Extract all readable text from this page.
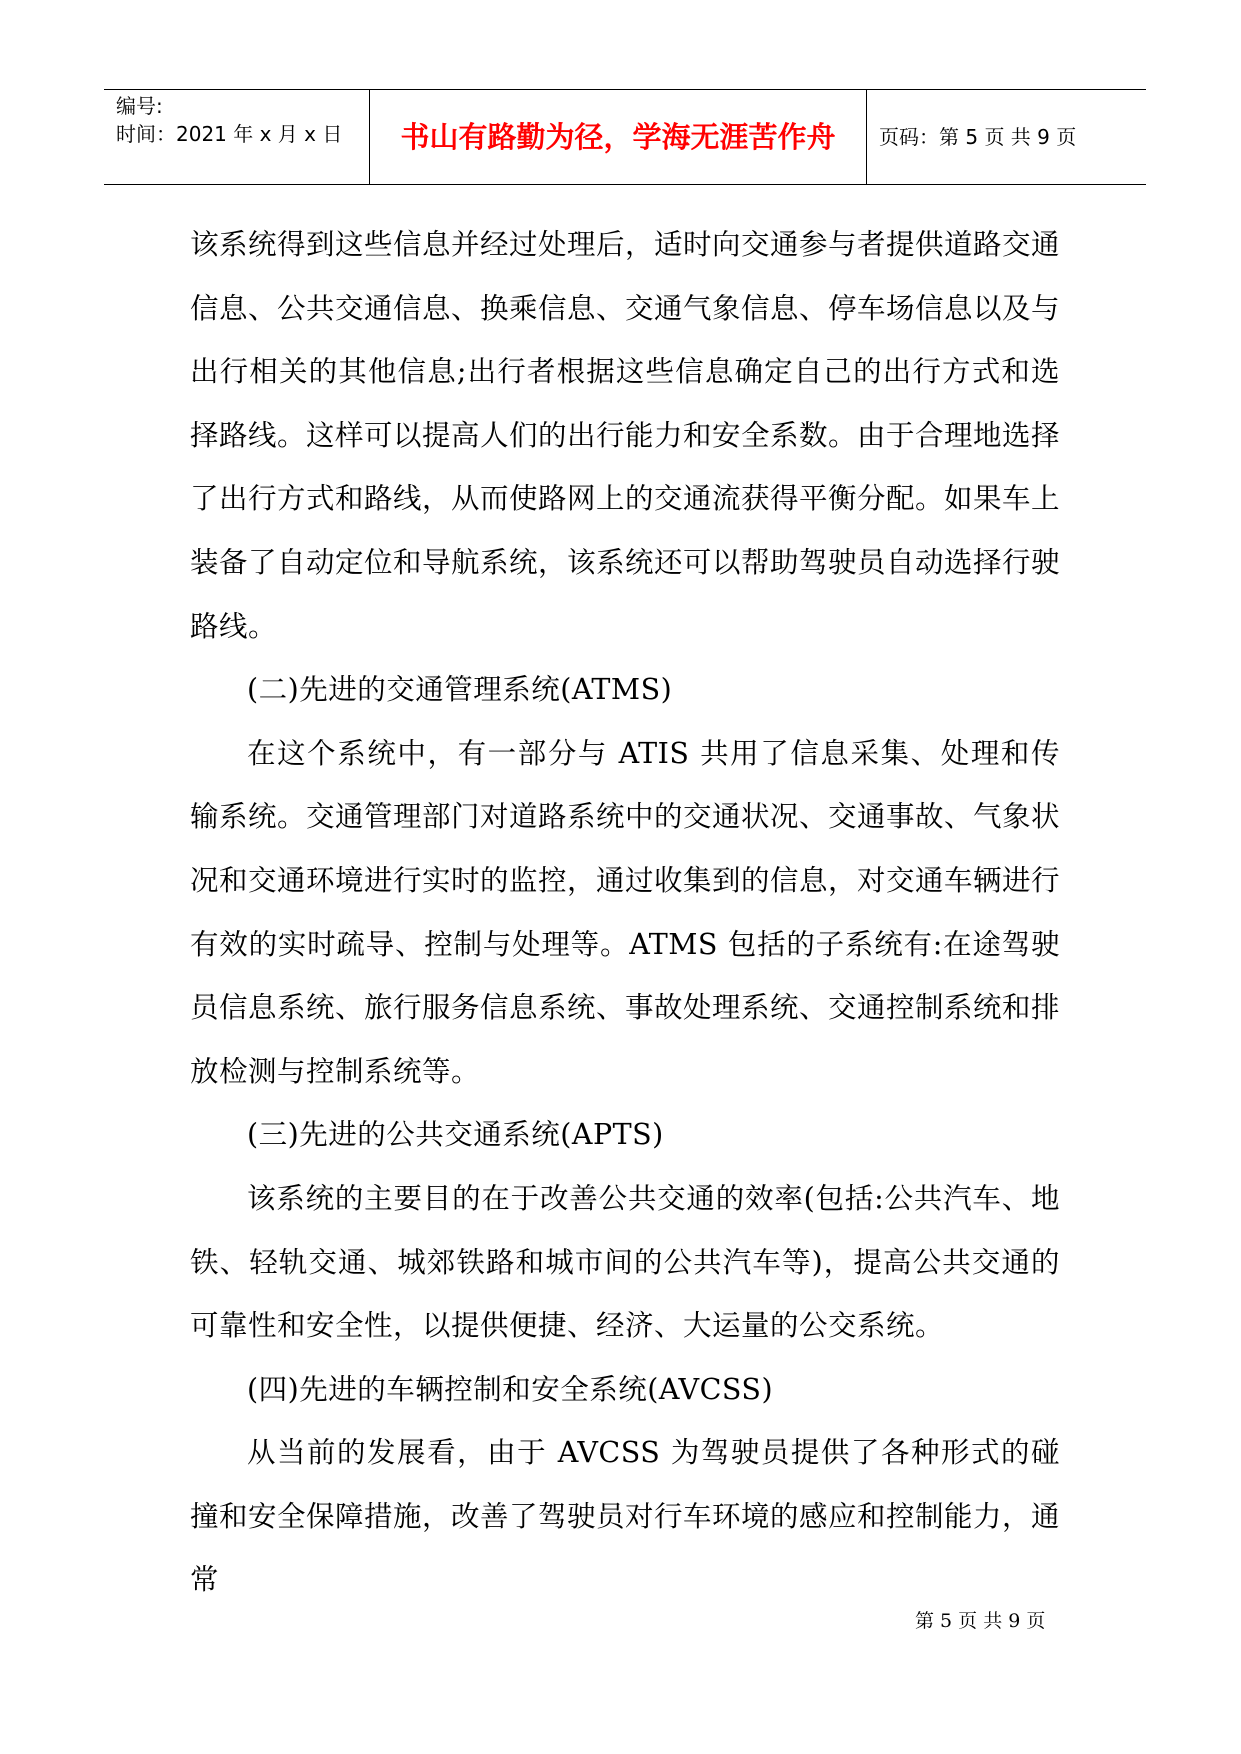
编号:
时间：2021 年 x 月 x 日	书山有路勤为径，学海无涯苦作舟	页码：第 5 页 共 9 页

该系统得到这些信息并经过处理后，适时向交通参与者提供道路交通信息、公共交通信息、换乘信息、交通气象信息、停车场信息以及与出行相关的其他信息;出行者根据这些信息确定自己的出行方式和选择路线。这样可以提高人们的出行能力和安全系数。由于合理地选择了出行方式和路线，从而使路网上的交通流获得平衡分配。如果车上装备了自动定位和导航系统，该系统还可以帮助驾驶员自动选择行驶路线。

(二)先进的交通管理系统(ATMS)

在这个系统中，有一部分与 ATIS 共用了信息采集、处理和传输系统。交通管理部门对道路系统中的交通状况、交通事故、气象状况和交通环境进行实时的监控，通过收集到的信息，对交通车辆进行有效的实时疏导、控制与处理等。ATMS 包括的子系统有:在途驾驶员信息系统、旅行服务信息系统、事故处理系统、交通控制系统和排放检测与控制系统等。

(三)先进的公共交通系统(APTS)

该系统的主要目的在于改善公共交通的效率(包括:公共汽车、地铁、轻轨交通、城郊铁路和城市间的公共汽车等)，提高公共交通的可靠性和安全性，以提供便捷、经济、大运量的公交系统。

(四)先进的车辆控制和安全系统(AVCSS)

从当前的发展看，由于 AVCSS 为驾驶员提供了各种形式的碰撞和安全保障措施，改善了驾驶员对行车环境的感应和控制能力，通常

第 5 页 共 9 页
